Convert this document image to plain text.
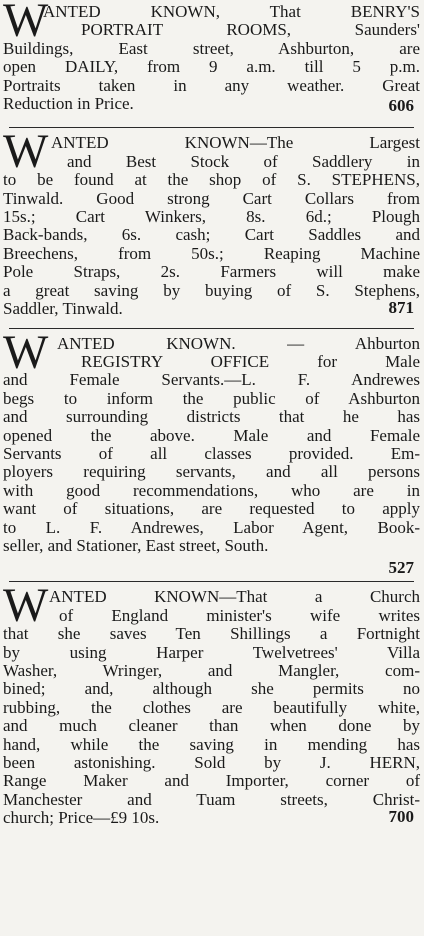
W
ANTED KNOWN, That BENRY'S
PORTRAIT ROOMS, Saunders'
Buildings, East street, Ashburton, are
open DAILY, from 9 a.m. till 5 p.m.
Portraits taken in any weather. Great
Reduction in Price.	606
W ANTED KNOWN—The Largest
and Best Stock of Saddlery in
to be found at the shop of S. STEPHENS,
Tinwald. Good strong Cart Collars from
15s.; Cart Winkers, 8s. 6d.; Plough
Back-bands, 6s. cash; Cart Saddles and
Breechens, from 50s.; Reaping Machine
Pole Straps, 2s. Farmers will make
a great saving by buying of S. Stephens,
Saddler, Tinwald.	871
W ANTED KNOWN. — Ahburton
REGISTRY OFFICE for Male
and Female Servants.—L. F. Andrewes
begs to inform the public of Ashburton
and surrounding districts that he has
opened the above. Male and Female
Servants of all classes provided. Em-
ployers requiring servants, and all persons
with good recommendations, who are in
want of situations, are requested to apply
to L. F. Andrewes, Labor Agent, Book-
seller, and Stationer, East street, South.
527
W ANTED KNOWN—That a Church
of England minister's wife writes
that she saves Ten Shillings a Fortnight
by using Harper Twelvetrees' Villa
Washer, Wringer, and Mangler, com-
bined; and, although she permits no
rubbing, the clothes are beautifully white,
and much cleaner than when done by
hand, while the saving in mending has
been astonishing. Sold by J. HERN,
Range Maker and Importer, corner of
Manchester and Tuam streets, Christ-
church; Price—£9 10s.	700
